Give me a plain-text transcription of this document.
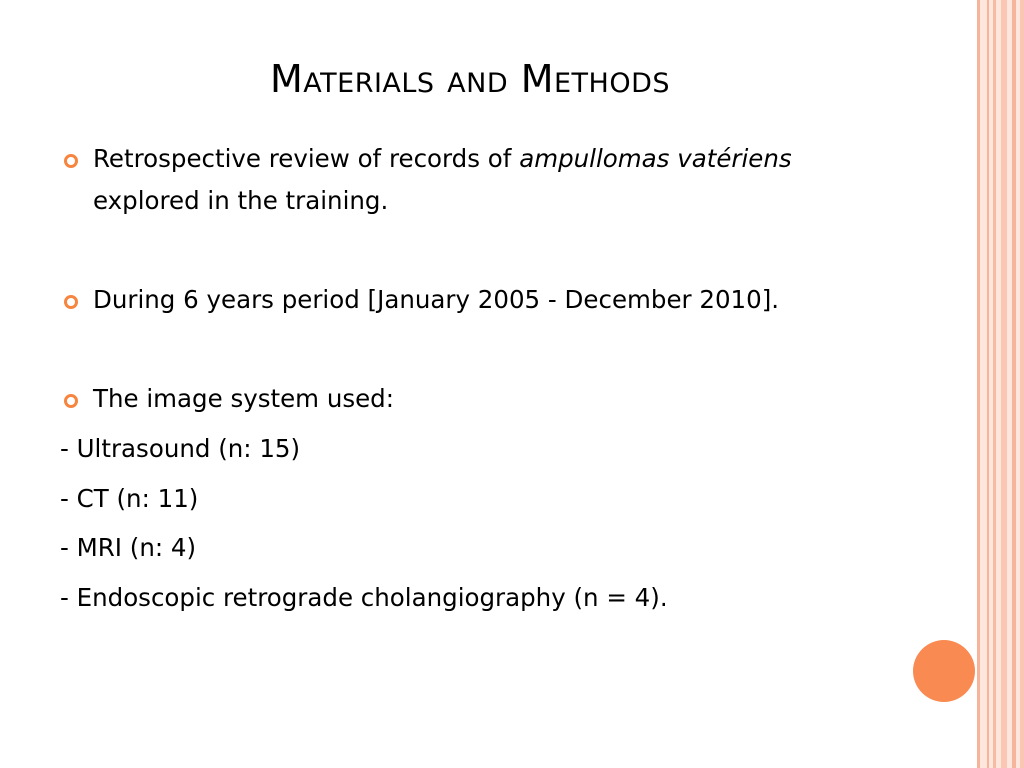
Materials and Methods
Retrospective review of records of ampullomas vatériens
explored in the training.
During 6 years period [January 2005 - December 2010].
The image system used:
- Ultrasound (n: 15)
- CT (n: 11)
- MRI (n: 4)
- Endoscopic retrograde cholangiography (n = 4).
